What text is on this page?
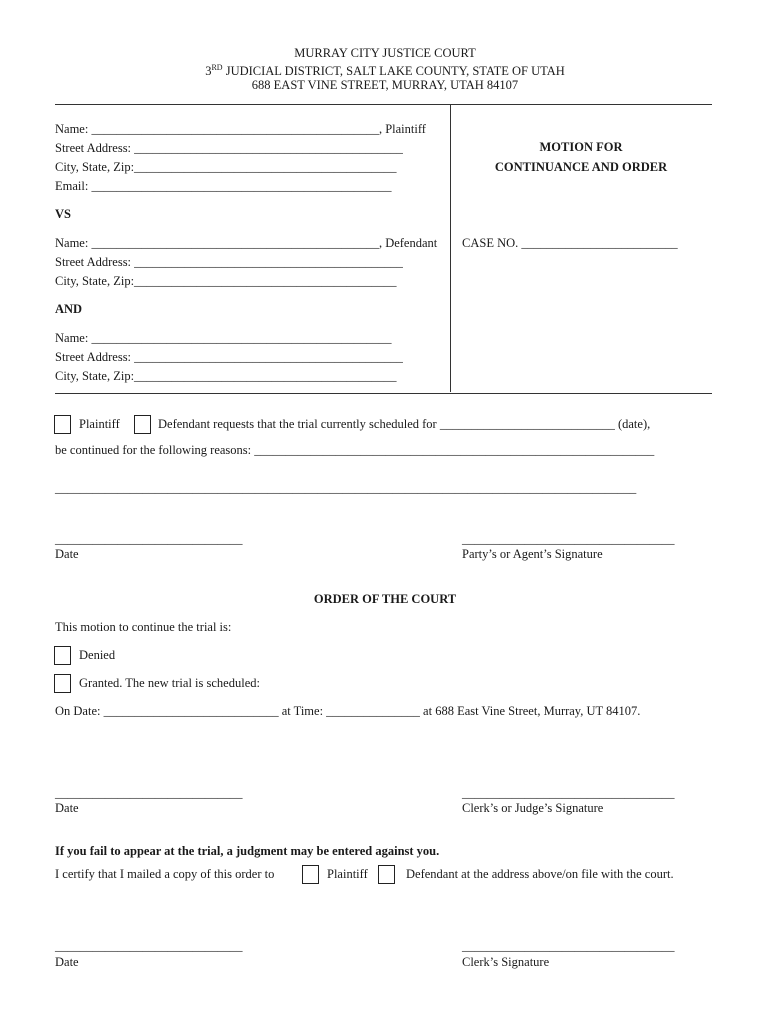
MURRAY CITY JUSTICE COURT
3RD JUDICIAL DISTRICT, SALT LAKE COUNTY, STATE OF UTAH
688 EAST VINE STREET, MURRAY, UTAH 84107
Name: ______________________________________________, Plaintiff
Street Address: ___________________________________________
City, State, Zip:__________________________________________
Email: ________________________________________________
VS
Name: ______________________________________________, Defendant
Street Address: ___________________________________________
City, State, Zip:__________________________________________
AND
Name: ________________________________________________
Street Address: ___________________________________________
City, State, Zip:__________________________________________
MOTION FOR
CONTINUANCE AND ORDER
CASE NO. _________________________
Plaintiff	Defendant requests that the trial currently scheduled for ____________________________ (date),
be continued for the following reasons: ________________________________________________________________
_____________________________________________________________________________________________
______________________________
Date
__________________________________
Party’s or Agent’s Signature
ORDER OF THE COURT
This motion to continue the trial is:
Denied
Granted. The new trial is scheduled:
On Date: ____________________________ at Time: _______________ at 688 East Vine Street, Murray, UT 84107.
______________________________
Date
__________________________________
Clerk’s or Judge’s Signature
If you fail to appear at the trial, a judgment may be entered against you.
I certify that I mailed a copy of this order to	Plaintiff	Defendant at the address above/on file with the court.
______________________________
Date
__________________________________
Clerk’s Signature
